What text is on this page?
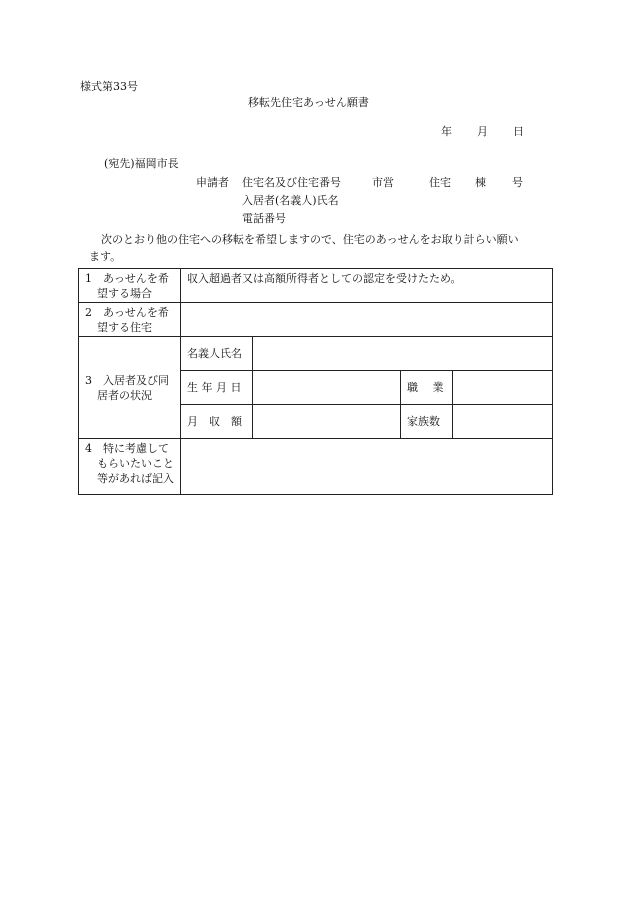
様式第33号
移転先住宅あっせん願書
年 月 日
(宛先)福岡市長
申請者 住宅名及び住宅番号	市営	住宅 棟 号
入居者(名義人)氏名
電話番号
次のとおり他の住宅への移転を希望しますので、住宅のあっせんをお取り計らい願い
ます。
1　あっせんを希
望する場合	収入超過者又は高額所得者としての認定を受けたため。			

2　あっせんを希
望する住宅				

3　入居者及び同
居者の状況	名義人氏名			
	生 年 月 日		職　 業	
	月　収　額		家族数	

4　特に考慮して
もらいたいこと
等があれば記入				
